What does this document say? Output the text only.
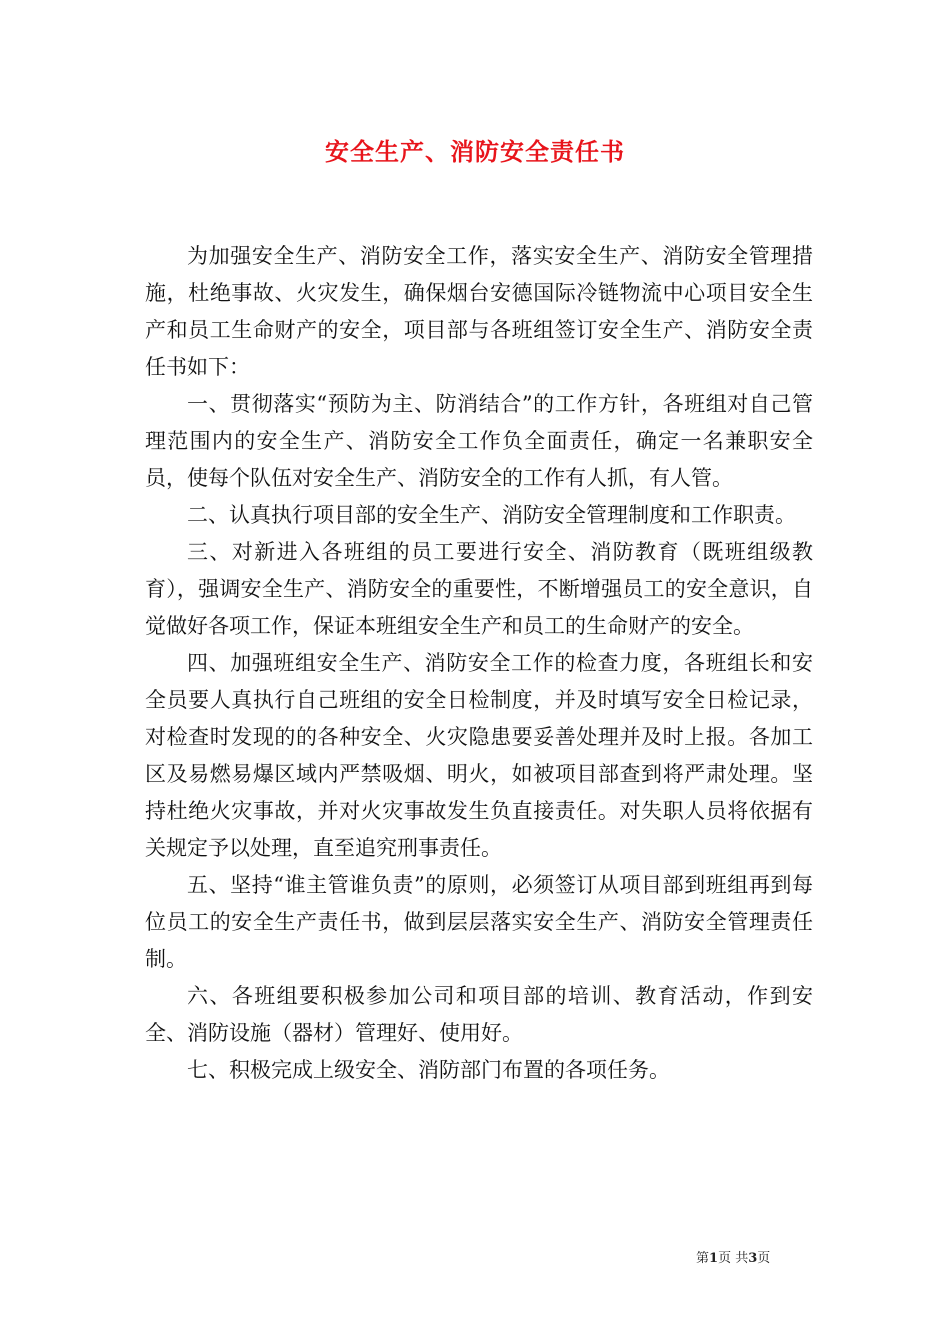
安全生产、消防安全责任书

为加强安全生产、消防安全工作，落实安全生产、消防安全管理措施，杜绝事故、火灾发生，确保烟台安德国际冷链物流中心项目安全生产和员工生命财产的安全，项目部与各班组签订安全生产、消防安全责任书如下：

一、贯彻落实“预防为主、防消结合”的工作方针，各班组对自己管理范围内的安全生产、消防安全工作负全面责任，确定一名兼职安全员，使每个队伍对安全生产、消防安全的工作有人抓，有人管。

二、认真执行项目部的安全生产、消防安全管理制度和工作职责。

三、对新进入各班组的员工要进行安全、消防教育（既班组级教育），强调安全生产、消防安全的重要性，不断增强员工的安全意识，自觉做好各项工作，保证本班组安全生产和员工的生命财产的安全。

四、加强班组安全生产、消防安全工作的检查力度，各班组长和安全员要人真执行自己班组的安全日检制度，并及时填写安全日检记录，对检查时发现的的各种安全、火灾隐患要妥善处理并及时上报。各加工区及易燃易爆区域内严禁吸烟、明火，如被项目部查到将严肃处理。坚持杜绝火灾事故，并对火灾事故发生负直接责任。对失职人员将依据有关规定予以处理，直至追究刑事责任。

五、坚持“谁主管谁负责”的原则，必须签订从项目部到班组再到每位员工的安全生产责任书，做到层层落实安全生产、消防安全管理责任制。

六、各班组要积极参加公司和项目部的培训、教育活动，作到安全、消防设施（器材）管理好、使用好。

七、积极完成上级安全、消防部门布置的各项任务。

第1页 共3页
